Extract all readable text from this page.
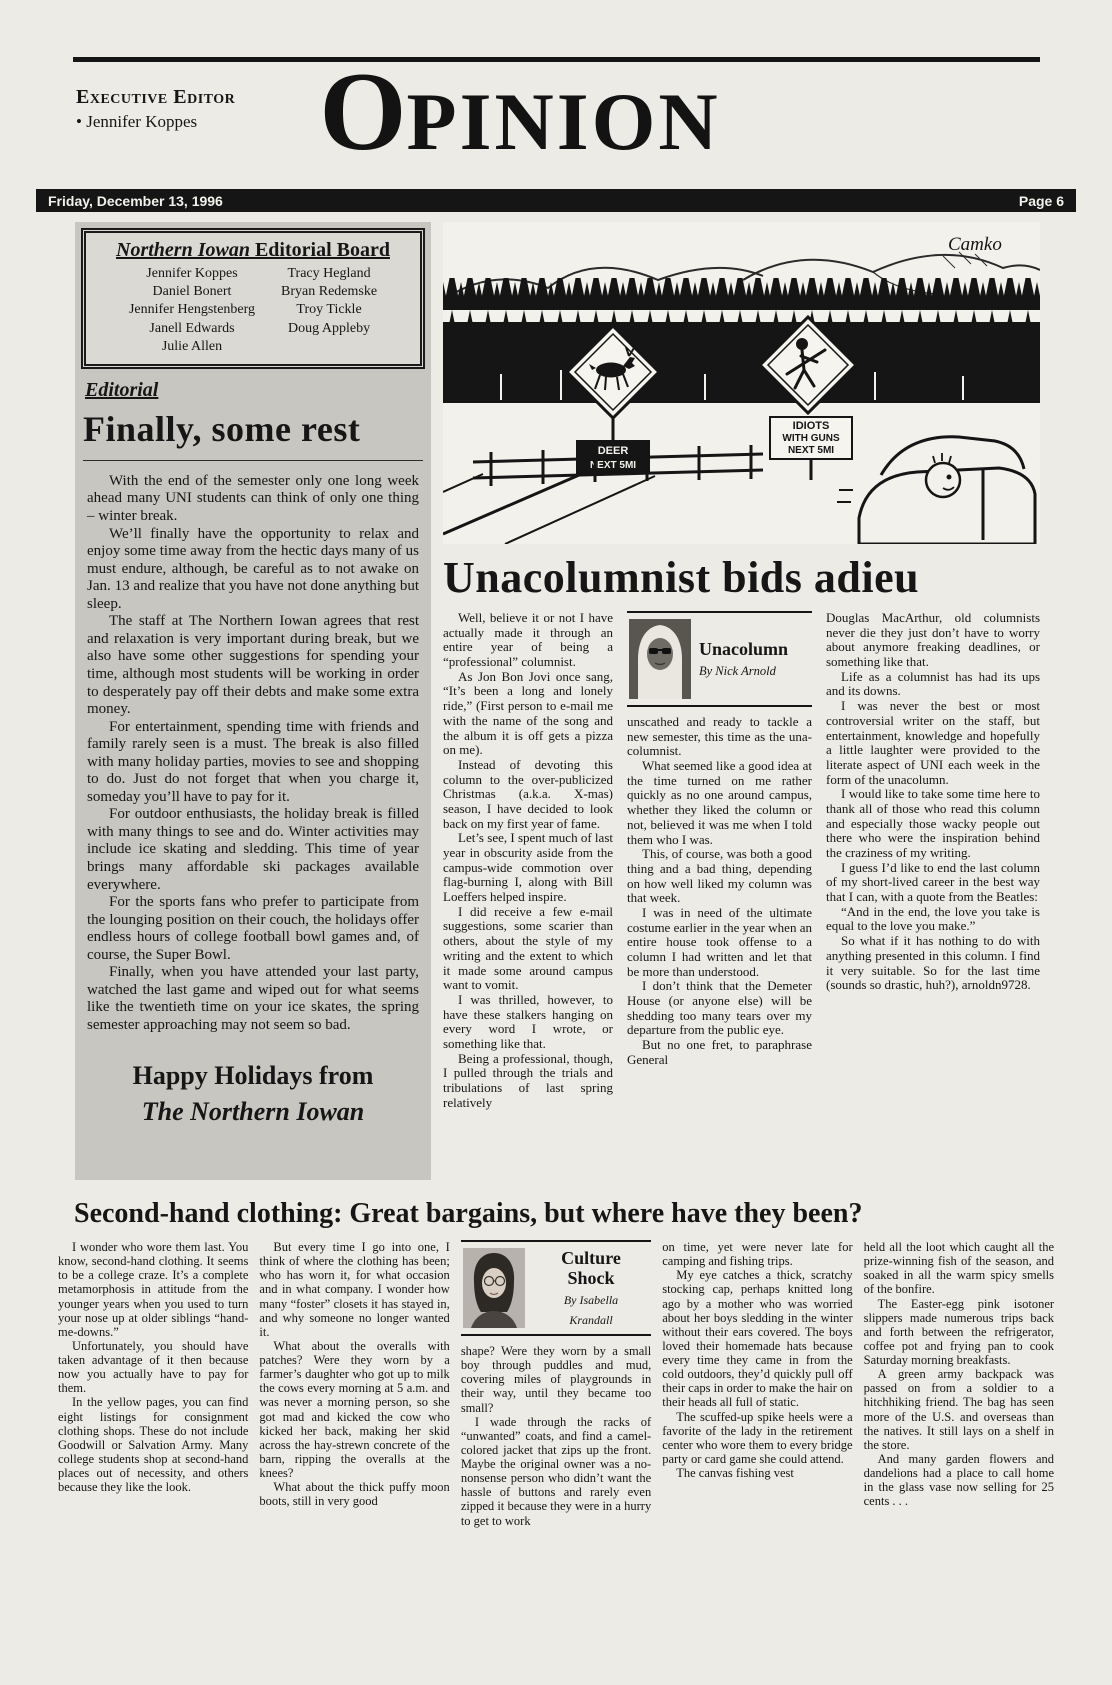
Executive Editor
• Jennifer Koppes	OPINION
Friday, December 13, 1996	Page 6
Northern Iowan Editorial Board

Jennifer Koppes

Daniel Bonert

Jennifer Hengstenberg

Janell Edwards

Julie Allen

Tracy Hegland

Bryan Redemske

Troy Tickle

Doug Appleby

Editorial
Finally, some rest

With the end of the semester only one long week ahead many UNI students can think of only one thing – winter break.

We’ll finally have the opportunity to relax and enjoy some time away from the hectic days many of us must endure, although, be careful as to not awake on Jan. 13 and realize that you have not done anything but sleep.

The staff at The Northern Iowan agrees that rest and relaxation is very important during break, but we also have some other suggestions for spending your time, although most students will be working in order to desperately pay off their debts and make some extra money.

For entertainment, spending time with friends and family rarely seen is a must. The break is also filled with many holiday parties, movies to see and shopping to do. Just do not forget that when you charge it, someday you’ll have to pay for it.

For outdoor enthusiasts, the holiday break is filled with many things to see and do. Winter activities may include ice skating and sledding. This time of year brings many affordable ski packages available everywhere.

For the sports fans who prefer to participate from the lounging position on their couch, the holidays offer endless hours of college football bowl games and, of course, the Super Bowl.

Finally, when you have attended your last party, watched the last game and wiped out for what seems like the twentieth time on your ice skates, the spring semester approaching may not seem so bad.

Happy Holidays from
The Northern Iowan
Camko
IDIOTS
WITH GUNS
NEXT 5MI
DEER
NEXT 5MI
Unacolumnist bids adieu

Well, believe it or not I have actually made it through an entire year of being a “professional” columnist.

As Jon Bon Jovi once sang, “It’s been a long and lonely ride,” (First person to e-mail me with the name of the song and the album it is off gets a pizza on me).

Instead of devoting this column to the over-publicized Christmas (a.k.a. X-mas) season, I have decided to look back on my first year of fame.

Let’s see, I spent much of last year in obscurity aside from the campus-wide commotion over flag-burning I, along with Bill Loeffers helped inspire.

I did receive a few e-mail suggestions, some scarier than others, about the style of my writing and the extent to which it made some around campus want to vomit.

I was thrilled, however, to have these stalkers hanging on every word I wrote, or something like that.

Being a professional, though, I pulled through the trials and tribulations of last spring relatively

Unacolumn
By Nick Arnold

unscathed and ready to tackle a new semester, this time as the una-columnist.

What seemed like a good idea at the time turned on me rather quickly as no one around campus, whether they liked the column or not, believed it was me when I told them who I was.

This, of course, was both a good thing and a bad thing, depending on how well liked my column was that week.

I was in need of the ultimate costume earlier in the year when an entire house took offense to a column I had written and let that be more than understood.

I don’t think that the Demeter House (or anyone else) will be shedding too many tears over my departure from the public eye.

But no one fret, to paraphrase General

Douglas MacArthur, old columnists never die they just don’t have to worry about anymore freaking deadlines, or something like that.

Life as a columnist has had its ups and its downs.

I was never the best or most controversial writer on the staff, but entertainment, knowledge and hopefully a little laughter were provided to the literate aspect of UNI each week in the form of the unacolumn.

I would like to take some time here to thank all of those who read this column and especially those wacky people out there who were the inspiration behind the craziness of my writing.

I guess I’d like to end the last column of my short-lived career in the best way that I can, with a quote from the Beatles:

“And in the end, the love you take is equal to the love you make.”

So what if it has nothing to do with anything presented in this column. I find it very suitable. So for the last time (sounds so drastic, huh?), arnoldn9728.

Second-hand clothing: Great bargains, but where have they been?

I wonder who wore them last. You know, second-hand clothing. It seems to be a college craze. It’s a complete metamorphosis in attitude from the younger years when you used to turn your nose up at older siblings “hand-me-downs.”

Unfortunately, you should have taken advantage of it then because now you actually have to pay for them.

In the yellow pages, you can find eight listings for consignment clothing shops. These do not include Goodwill or Salvation Army. Many college students shop at second-hand places out of necessity, and others because they like the look.

But every time I go into one, I think of where the clothing has been; who has worn it, for what occasion and in what company. I wonder how many “foster” closets it has stayed in, and why someone no longer wanted it.

What about the overalls with patches? Were they worn by a farmer’s daughter who got up to milk the cows every morning at 5 a.m. and was never a morning person, so she got mad and kicked the cow who kicked her back, making her skid across the hay-strewn concrete of the barn, ripping the overalls at the knees?

What about the thick puffy moon boots, still in very good

Culture
Shock
By Isabella
Krandall

shape? Were they worn by a small boy through puddles and mud, covering miles of playgrounds in their way, until they became too small?

I wade through the racks of “unwanted” coats, and find a camel-colored jacket that zips up the front. Maybe the original owner was a no-nonsense person who didn’t want the hassle of buttons and rarely even zipped it because they were in a hurry to get to work

on time, yet were never late for camping and fishing trips.

My eye catches a thick, scratchy stocking cap, perhaps knitted long ago by a mother who was worried about her boys sledding in the winter without their ears covered. The boys loved their homemade hats because every time they came in from the cold outdoors, they’d quickly pull off their caps in order to make the hair on their heads all full of static.

The scuffed-up spike heels were a favorite of the lady in the retirement center who wore them to every bridge party or card game she could attend.

The canvas fishing vest

held all the loot which caught all the prize-winning fish of the season, and soaked in all the warm spicy smells of the bonfire.

The Easter-egg pink isotoner slippers made numerous trips back and forth between the refrigerator, coffee pot and frying pan to cook Saturday morning breakfasts.

A green army backpack was passed on from a soldier to a hitchhiking friend. The bag has seen more of the U.S. and overseas than the natives. It still lays on a shelf in the store.

And many garden flowers and dandelions had a place to call home in the glass vase now selling for 25 cents . . .
